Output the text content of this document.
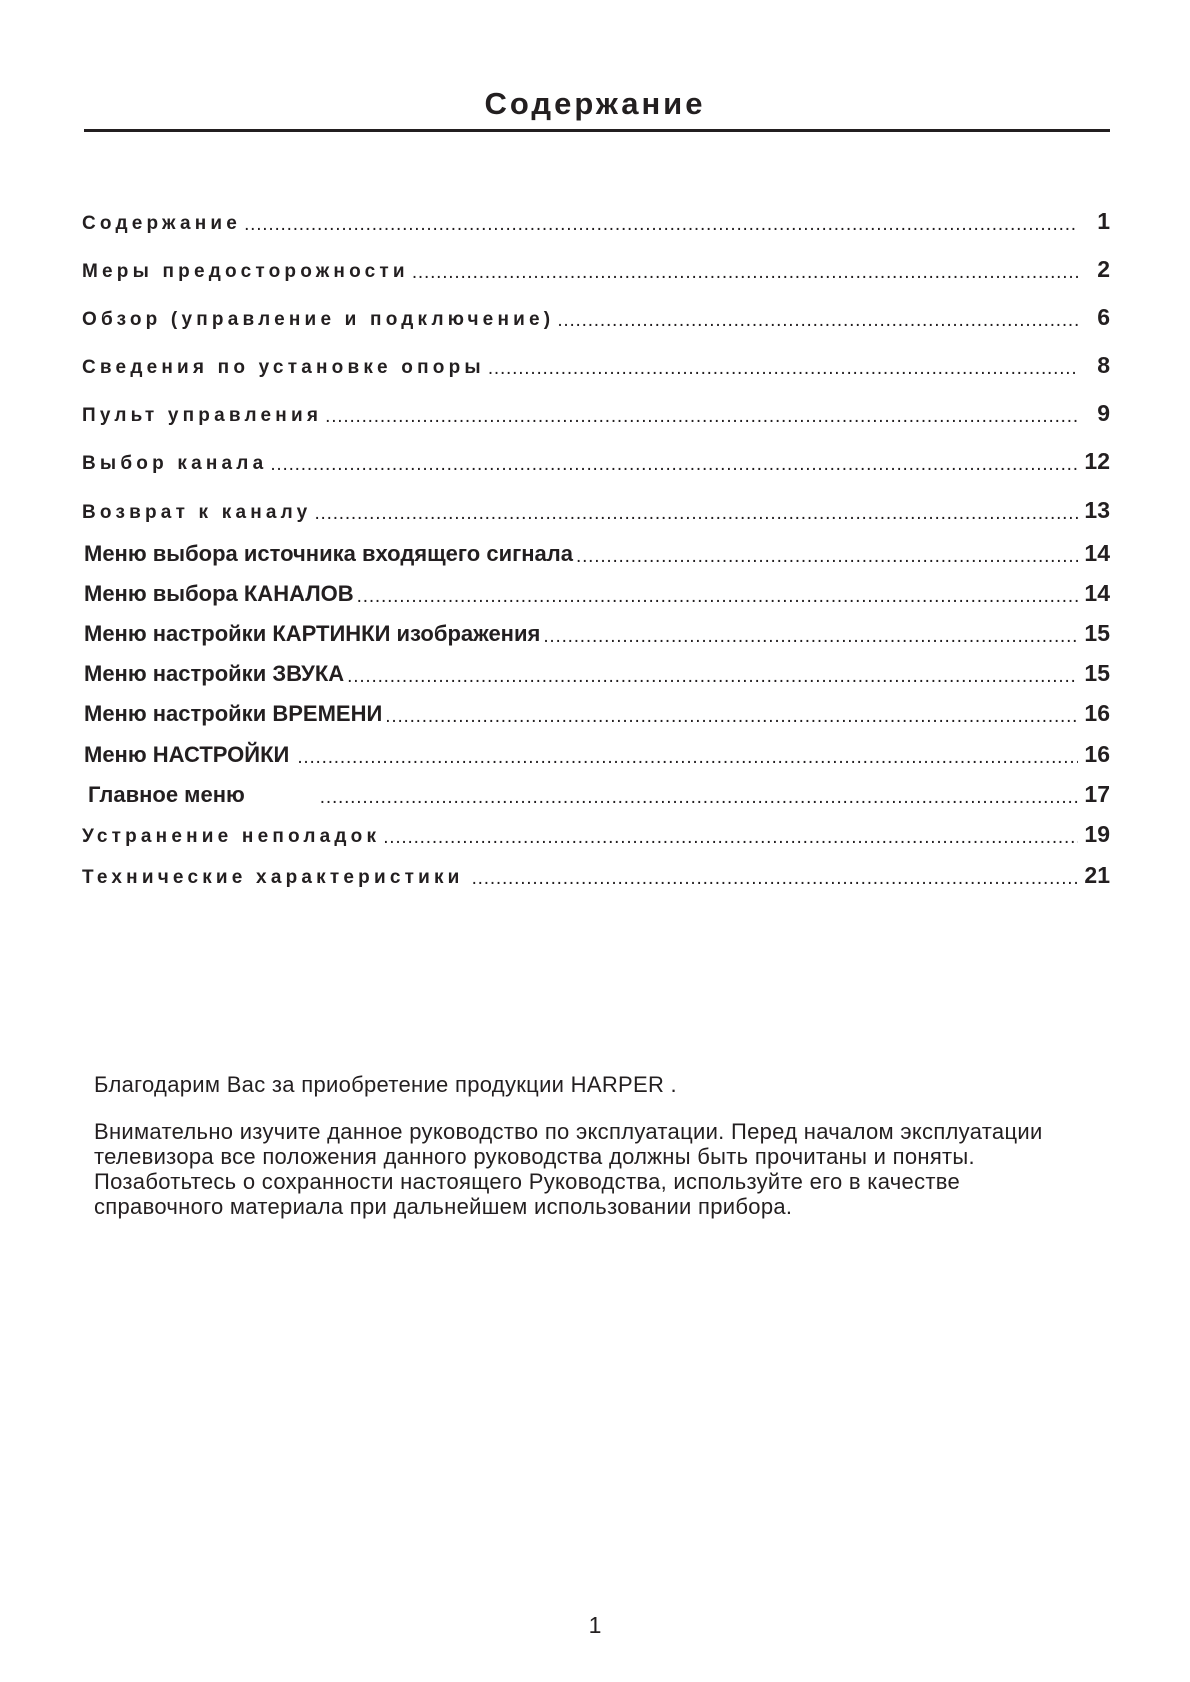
Содержание
Содержание .....	1
Меры предосторожности .....	2
Обзор (управление и подключение) .....	6
Сведения по установке опоры .....	8
Пульт управления .....	9
Выбор канала .....	12
Возврат к каналу .....	13
Меню выбора источника входящего сигнала .....	14
Меню выбора КАНАЛОВ .....	14
Меню настройки КАРТИНКИ изображения .....	15
Меню настройки ЗВУКА .....	15
Меню настройки ВРЕМЕНИ .....	16
Меню НАСТРОЙКИ .....	16
Главное меню .....	17
Устранение неполадок .....	19
Технические характеристики .....	21

Благодарим Вас за приобретение продукции HARPER .

Внимательно изучите данное руководство по эксплуатации. Перед началом эксплуатации

телевизора все положения данного руководства должны быть прочитаны и поняты.

Позаботьтесь о сохранности настоящего Руководства, используйте его в качестве

справочного материала при дальнейшем использовании прибора.

1
